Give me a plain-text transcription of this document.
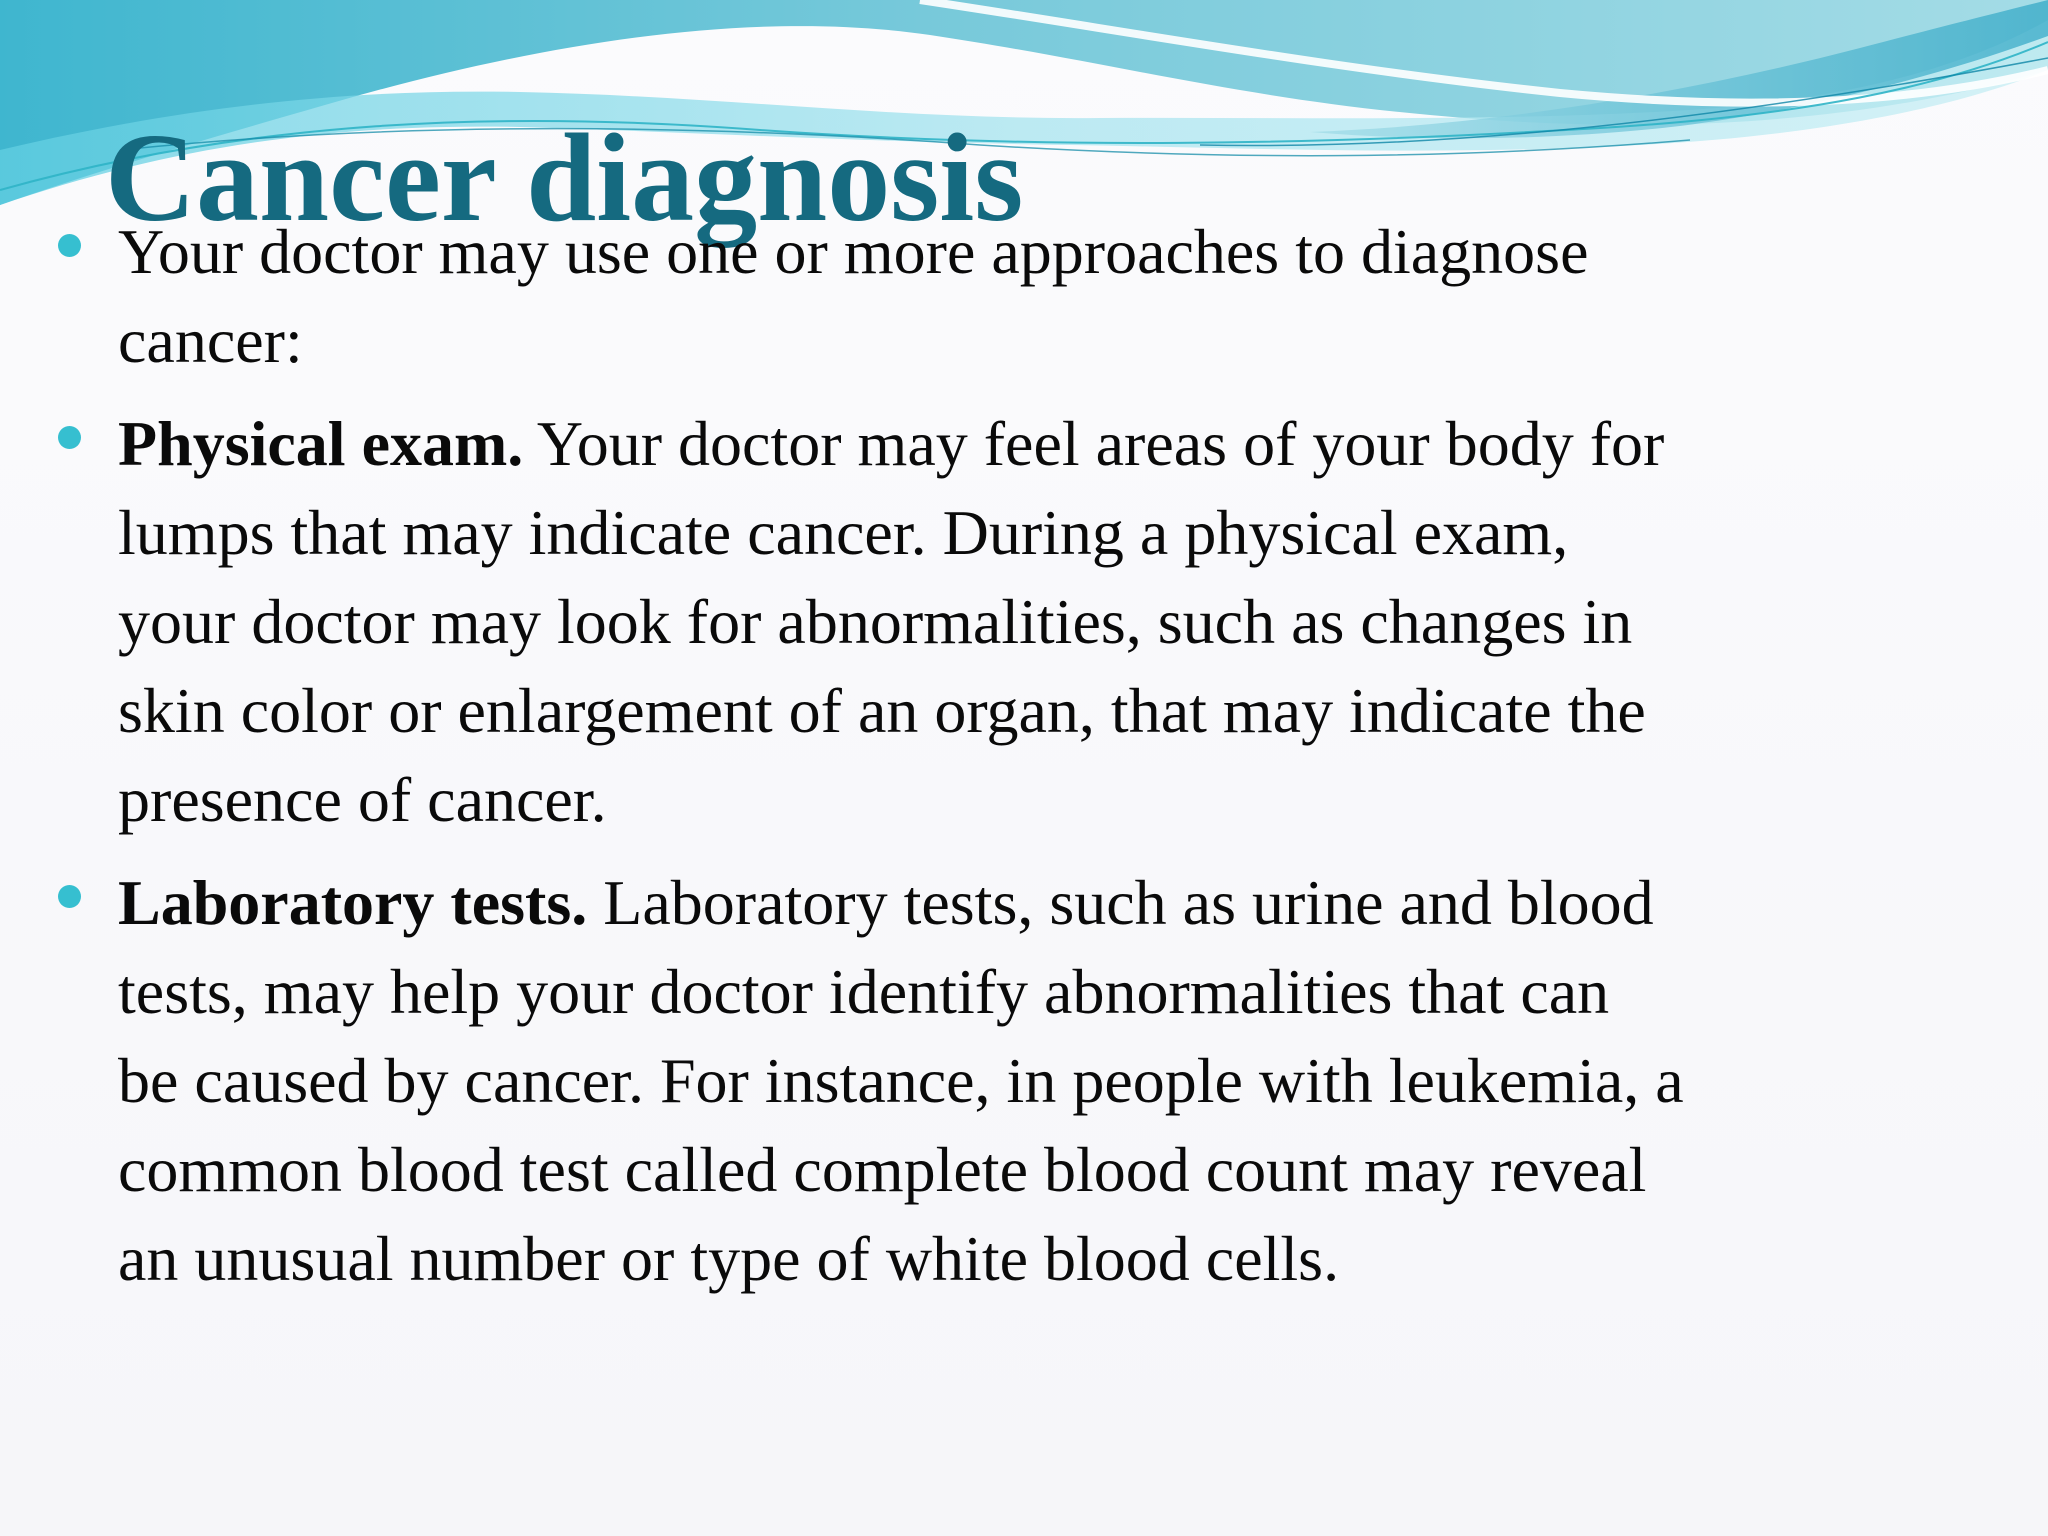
Cancer diagnosis
Your doctor may use one or more approaches to diagnose
cancer:
Physical exam. Your doctor may feel areas of your body for
lumps that may indicate cancer. During a physical exam,
your doctor may look for abnormalities, such as changes in
skin color or enlargement of an organ, that may indicate the
presence of cancer.
Laboratory tests. Laboratory tests, such as urine and blood
tests, may help your doctor identify abnormalities that can
be caused by cancer. For instance, in people with leukemia, a
common blood test called complete blood count may reveal
an unusual number or type of white blood cells.
